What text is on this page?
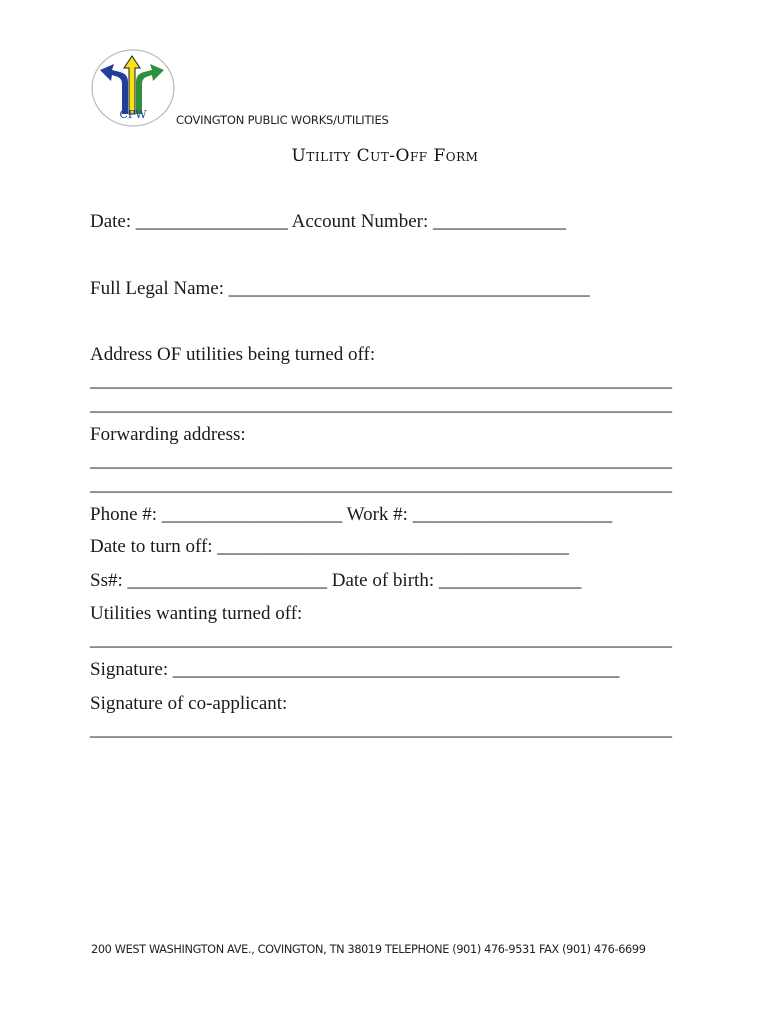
CPW	COVINGTON PUBLIC WORKS/UTILITIES
Utility Cut-Off Form
Date: ________________ Account Number: ______________
Full Legal Name: ______________________________________
Address OF utilities being turned off:
______________________________________________________________
______________________________________________________________
Forwarding address:
______________________________________________________________
______________________________________________________________
Phone #: ___________________ Work #: _____________________
Date to turn off: _____________________________________
Ss#: _____________________ Date of birth: _______________
Utilities wanting turned off:
______________________________________________________________
Signature: _______________________________________________
Signature of co-applicant:
______________________________________________________________
200 WEST WASHINGTON AVE., COVINGTON, TN 38019 TELEPHONE (901) 476-9531 FAX (901) 476-6699
